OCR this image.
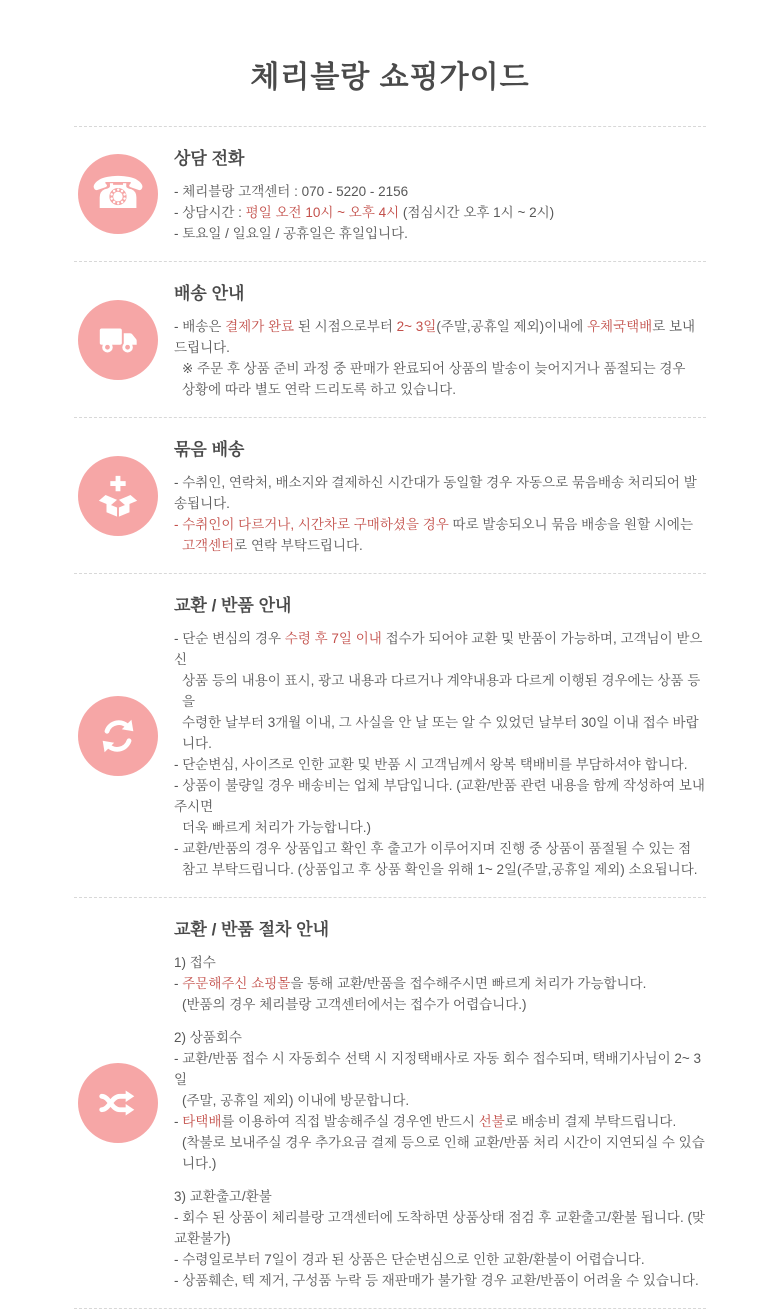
체리블랑 쇼핑가이드
☎
상담 전화
- 체리블랑 고객센터 : 070 - 5220 - 2156
- 상담시간 : 평일 오전 10시 ~ 오후 4시 (점심시간 오후 1시 ~ 2시)
- 토요일 / 일요일 / 공휴일은 휴일입니다.
배송 안내
- 배송은 결제가 완료 된 시점으로부터 2~ 3일(주말,공휴일 제외)이내에 우체국택배로 보내드립니다.
※ 주문 후 상품 준비 과정 중 판매가 완료되어 상품의 발송이 늦어지거나 품절되는 경우
상황에 따라 별도 연락 드리도록 하고 있습니다.
묶음 배송
- 수취인, 연락처, 배소지와 결제하신 시간대가 동일할 경우 자동으로 묶음배송 처리되어 발송됩니다.
- 수취인이 다르거나, 시간차로 구매하셨을 경우 따로 발송되오니 묶음 배송을 원할 시에는
고객센터로 연락 부탁드립니다.
교환 / 반품 안내
- 단순 변심의 경우 수령 후 7일 이내 접수가 되어야 교환 및 반품이 가능하며, 고객님이 받으신
상품 등의 내용이 표시, 광고 내용과 다르거나 계약내용과 다르게 이행된 경우에는 상품 등을
수령한 날부터 3개월 이내, 그 사실을 안 날 또는 알 수 있었던 날부터 30일 이내 접수 바랍니다.
- 단순변심, 사이즈로 인한 교환 및 반품 시 고객님께서 왕복 택배비를 부담하셔야 합니다.
- 상품이 불량일 경우 배송비는 업체 부담입니다. (교환/반품 관련 내용을 함께 작성하여 보내주시면
더욱 빠르게 처리가 가능합니다.)
- 교환/반품의 경우 상품입고 확인 후 출고가 이루어지며 진행 중 상품이 품절될 수 있는 점
참고 부탁드립니다. (상품입고 후 상품 확인을 위해 1~ 2일(주말,공휴일 제외) 소요됩니다.
교환 / 반품 절차 안내
1) 접수
- 주문해주신 쇼핑몰을 통해 교환/반품을 접수해주시면 빠르게 처리가 가능합니다.
(반품의 경우 체리블랑 고객센터에서는 접수가 어렵습니다.)
2) 상품회수
- 교환/반품 접수 시 자동회수 선택 시 지정택배사로 자동 회수 접수되며, 택배기사님이 2~ 3일
(주말, 공휴일 제외) 이내에 방문합니다.
- 타택배를 이용하여 직접 발송해주실 경우엔 반드시 선불로 배송비 결제 부탁드립니다.
(착불로 보내주실 경우 추가요금 결제 등으로 인해 교환/반품 처리 시간이 지연되실 수 있습니다.)
3) 교환출고/환불
- 회수 된 상품이 체리블랑 고객센터에 도착하면 상품상태 점검 후 교환출고/환불 됩니다. (맞교환불가)
- 수령일로부터 7일이 경과 된 상품은 단순변심으로 인한 교환/환불이 어렵습니다.
- 상품훼손, 텍 제거, 구성품 누락 등 재판매가 불가할 경우 교환/반품이 어려울 수 있습니다.
